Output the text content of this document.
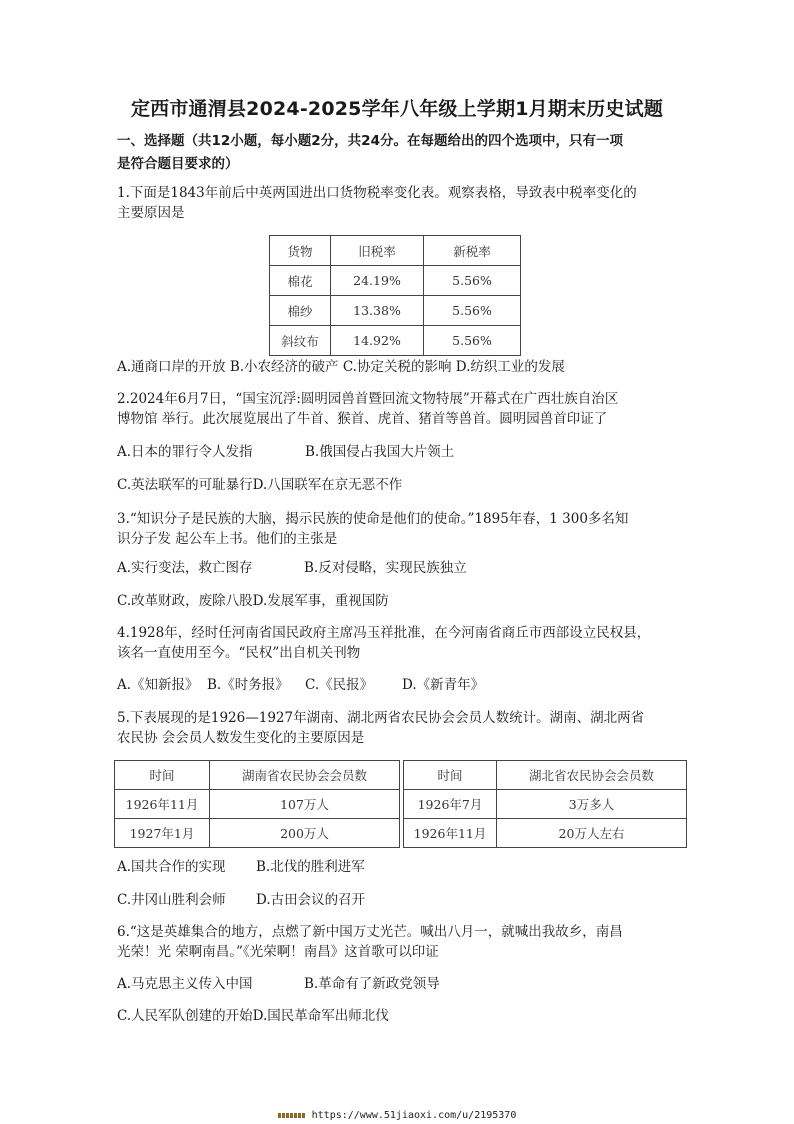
定西市通渭县2024-2025学年八年级上学期1月期末历史试题
一、选择题（共12小题，每小题2分，共24分。在每题给出的四个选项中，只有一项
是符合题目要求的）
1.下面是1843年前后中英两国进出口货物税率变化表。观察表格，导致表中税率变化的
主要原因是
货物	旧税率	新税率
棉花	24.19%	5.56%
棉纱	13.38%	5.56%
斜纹布	14.92%	5.56%
A.通商口岸的开放 B.小农经济的破产 C.协定关税的影响 D.纺织工业的发展
2.2024年6月7日，“国宝沉浮:圆明园兽首暨回流文物特展”开幕式在广西壮族自治区
博物馆 举行。此次展览展出了牛首、猴首、虎首、猪首等兽首。圆明园兽首印证了
A.日本的罪行令人发指	B.俄国侵占我国大片领土
C.英法联军的可耻暴行D.八国联军在京无恶不作
3.“知识分子是民族的大脑，揭示民族的使命是他们的使命。”1895年春，1 300多名知
识分子发 起公车上书。他们的主张是
A.实行变法，救亡图存	B.反对侵略，实现民族独立
C.改革财政，废除八股D.发展军事，重视国防
4.1928年，经时任河南省国民政府主席冯玉祥批准，在今河南省商丘市西部设立民权县，
该名一直使用至今。“民权”出自机关刊物
A.《知新报》 B.《时务报》 C.《民报》 D.《新青年》
5.下表展现的是1926—1927年湖南、湖北两省农民协会会员人数统计。湖南、湖北两省
农民协 会会员人数发生变化的主要原因是
时间	湖南省农民协会会员数		时间	湖北省农民协会会员数
1926年11月	107万人		1926年7月	3万多人
1927年1月	200万人		1926年11月	20万人左右
A.国共合作的实现 B.北伐的胜利进军
C.井冈山胜利会师 D.古田会议的召开
6.“这是英雄集合的地方，点燃了新中国万丈光芒。喊出八月一，就喊出我故乡，南昌
光荣！光 荣啊南昌。”《光荣啊！南昌》这首歌可以印证
A.马克思主义传入中国	B.革命有了新政党领导
C.人民军队创建的开始D.国民革命军出师北伐
https://www.51jiaoxi.com/u/2195370
